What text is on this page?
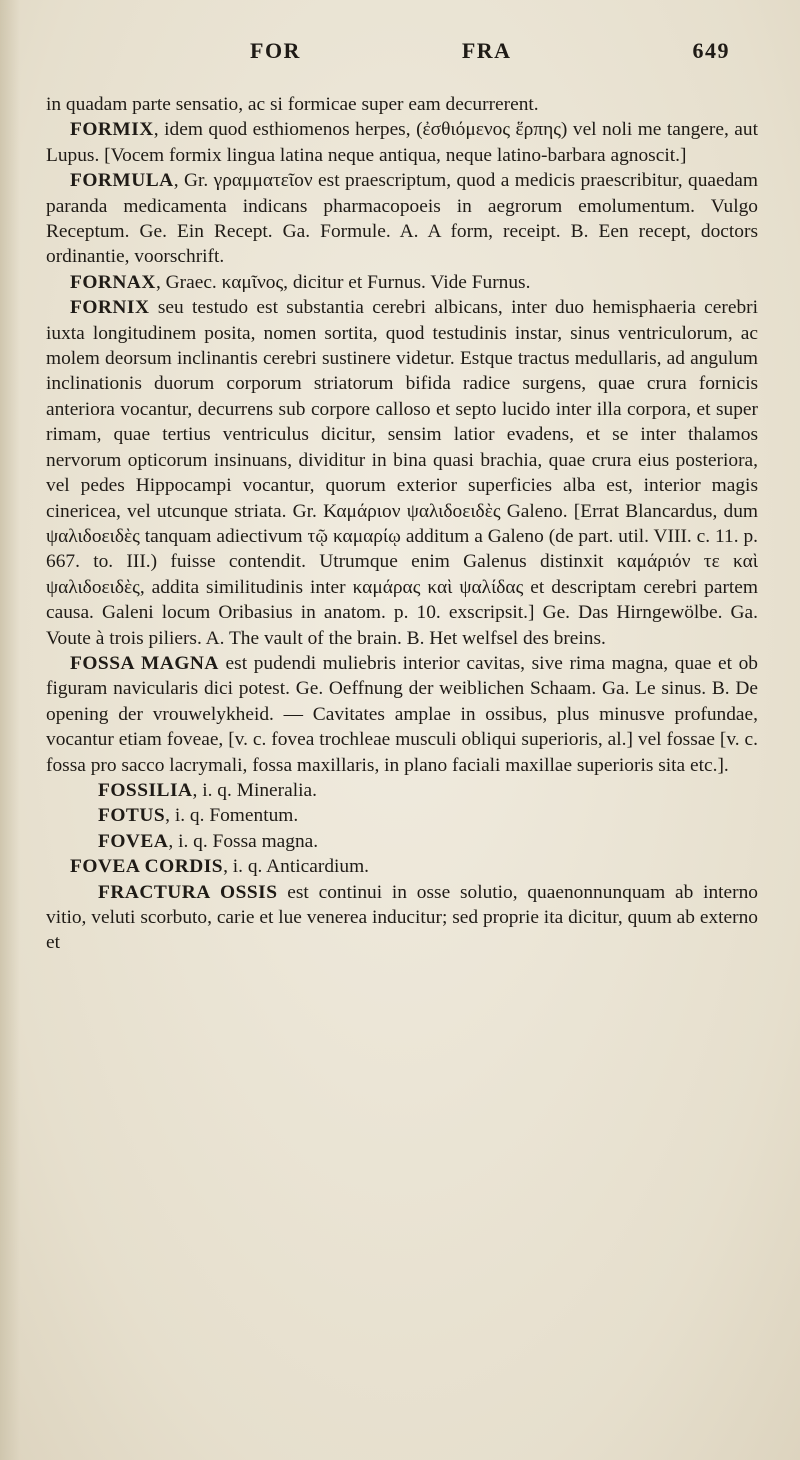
FOR	FRA	649

in quadam parte sensatio, ac si formicae super eam decurrerent.

FORMIX, idem quod esthiomenos herpes, (ἐσθιόμενος ἕρπης) vel noli me tangere, aut Lupus. [Vocem formix lingua latina neque antiqua, neque latino-barbara agnoscit.]

FORMULA, Gr. γραμματεῖον est praescriptum, quod a medicis praescribitur, quaedam paranda medicamenta indicans pharmacopoeis in aegrorum emolumentum. Vulgo Receptum. Ge. Ein Recept. Ga. Formule. A. A form, receipt. B. Een recept, doctors ordinantie, voorschrift.

FORNAX, Graec. καμῖνος, dicitur et Furnus. Vide Furnus.

FORNIX seu testudo est substantia cerebri albicans, inter duo hemisphaeria cerebri iuxta longitudinem posita, nomen sortita, quod testudinis instar, sinus ventriculorum, ac molem deorsum inclinantis cerebri sustinere videtur. Estque tractus medullaris, ad angulum inclinationis duorum corporum striatorum bifida radice surgens, quae crura fornicis anteriora vocantur, decurrens sub corpore calloso et septo lucido inter illa corpora, et super rimam, quae tertius ventriculus dicitur, sensim latior evadens, et se inter thalamos nervorum opticorum insinuans, dividitur in bina quasi brachia, quae crura eius posteriora, vel pedes Hippocampi vocantur, quorum exterior superficies alba est, interior magis cinericea, vel utcunque striata. Gr. Καμάριον ψαλιδοειδὲς Galeno. [Errat Blancardus, dum ψαλιδοειδὲς tanquam adiectivum τῷ καμαρίῳ additum a Galeno (de part. util. VIII. c. 11. p. 667. to. III.) fuisse contendit. Utrumque enim Galenus distinxit καμάριόν τε καὶ ψαλιδοειδὲς, addita similitudinis inter καμάρας καὶ ψαλίδας et descriptam cerebri partem causa. Galeni locum Oribasius in anatom. p. 10. exscripsit.] Ge. Das Hirngewölbe. Ga. Voute à trois piliers. A. The vault of the brain. B. Het welfsel des breins.

FOSSA MAGNA est pudendi muliebris interior cavitas, sive rima magna, quae et ob figuram navicularis dici potest. Ge. Oeffnung der weiblichen Schaam. Ga. Le sinus. B. De opening der vrouwelykheid. — Cavitates amplae in ossibus, plus minusve profundae, vocantur etiam foveae, [v. c. fovea trochleae musculi obliqui superioris, al.] vel fossae [v. c. fossa pro sacco lacrymali, fossa maxillaris, in plano faciali maxillae superioris sita etc.].

FOSSILIA, i. q. Mineralia.

FOTUS, i. q. Fomentum.

FOVEA, i. q. Fossa magna.

FOVEA CORDIS, i. q. Anticardium.

FRACTURA OSSIS est continui in osse solutio, quaenonnunquam ab interno vitio, veluti scorbuto, carie et lue venerea inducitur; sed proprie ita dicitur, quum ab externo et
